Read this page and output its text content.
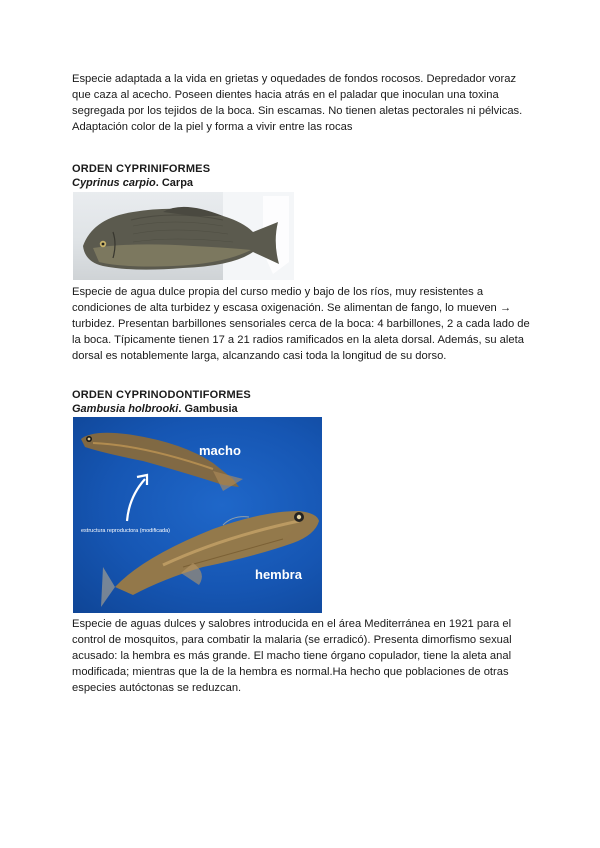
Especie adaptada a la vida en grietas y oquedades de fondos rocosos. Depredador voraz

que caza al acecho. Poseen dientes hacia atrás en el paladar que inoculan una toxina

segregada por los tejidos de la boca. Sin escamas. No tienen aletas pectorales ni pélvicas.

Adaptación color de la piel y forma a vivir entre las rocas

ORDEN CYPRINIFORMES

Cyprinus carpio. Carpa

Especie de agua dulce propia del curso medio y bajo de los ríos, muy resistentes a

condiciones de alta turbidez y escasa oxigenación. Se alimentan de fango, lo mueven →

turbidez. Presentan barbillones sensoriales cerca de la boca: 4 barbillones, 2 a cada lado de

la boca. Típicamente tienen 17 a 21 radios ramificados en la aleta dorsal. Además, su aleta

dorsal es notablemente larga, alcanzando casi toda la longitud de su dorso.

ORDEN CYPRINODONTIFORMES

Gambusia holbrooki. Gambusia

macho
hembra
estructura reproductora (modificada)

Especie de aguas dulces y salobres introducida en el área Mediterránea en 1921 para el

control de mosquitos, para combatir la malaria (se erradicó). Presenta dimorfismo sexual

acusado: la hembra es más grande. El macho tiene órgano copulador, tiene la aleta anal

modificada; mientras que la de la hembra es normal.Ha hecho que poblaciones de otras

especies autóctonas se reduzcan.
